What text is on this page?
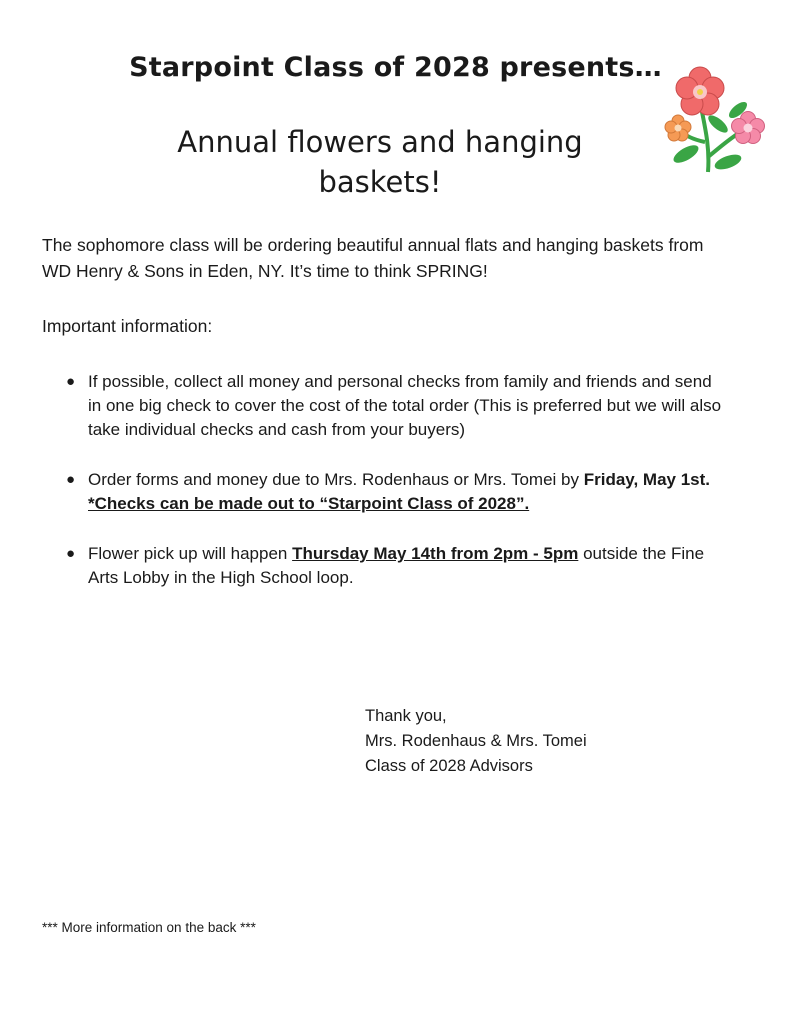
Starpoint Class of 2028 presents…
Annual flowers and hanging baskets!

The sophomore class will be ordering beautiful annual flats and hanging baskets from WD Henry & Sons in Eden, NY. It’s time to think SPRING!

Important information:

● If possible, collect all money and personal checks from family and friends and send in one big check to cover the cost of the total order (This is preferred but we will also take individual checks and cash from your buyers)
● Order forms and money due to Mrs. Rodenhaus or Mrs. Tomei by Friday, May 1st. *Checks can be made out to “Starpoint Class of 2028”.
● Flower pick up will happen Thursday May 14th from 2pm - 5pm outside the Fine Arts Lobby in the High School loop.
Thank you,
Mrs. Rodenhaus & Mrs. Tomei
Class of 2028 Advisors
*** More information on the back ***
